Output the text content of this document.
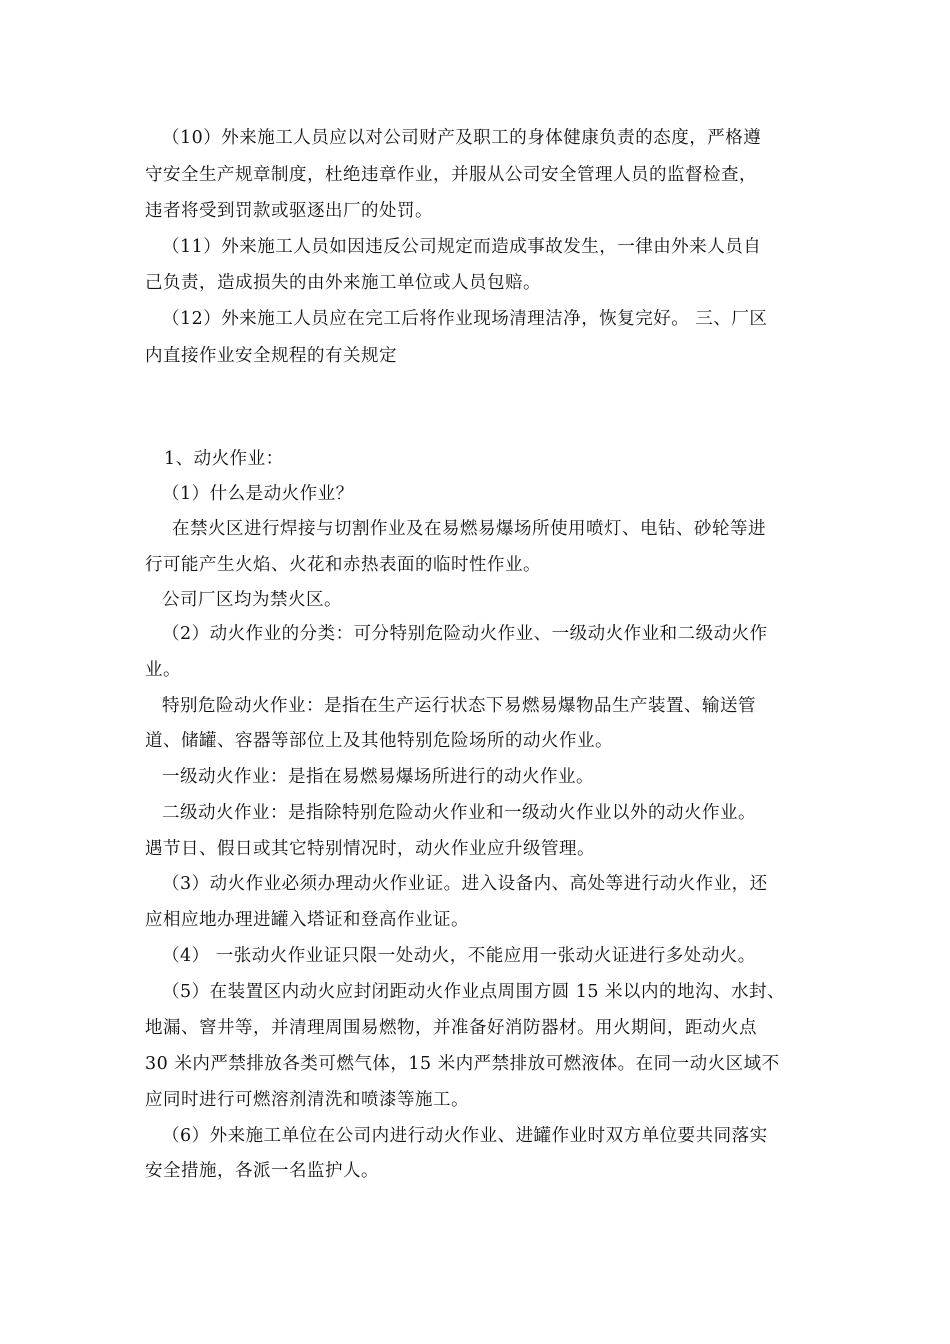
（10）外来施工人员应以对公司财产及职工的身体健康负责的态度，严格遵
守安全生产规章制度，杜绝违章作业，并服从公司安全管理人员的监督检查，
违者将受到罚款或驱逐出厂的处罚。
（11）外来施工人员如因违反公司规定而造成事故发生，一律由外来人员自
己负责，造成损失的由外来施工单位或人员包赔。
（12）外来施工人员应在完工后将作业现场清理洁净，恢复完好。 三、厂区
内直接作业安全规程的有关规定
1、动火作业：
（1）什么是动火作业？
在禁火区进行焊接与切割作业及在易燃易爆场所使用喷灯、电钻、砂轮等进
行可能产生火焰、火花和赤热表面的临时性作业。
公司厂区均为禁火区。
（2）动火作业的分类：可分特别危险动火作业、一级动火作业和二级动火作
业。
特别危险动火作业：是指在生产运行状态下易燃易爆物品生产装置、输送管
道、储罐、容器等部位上及其他特别危险场所的动火作业。
一级动火作业：是指在易燃易爆场所进行的动火作业。
二级动火作业：是指除特别危险动火作业和一级动火作业以外的动火作业。
遇节日、假日或其它特别情况时，动火作业应升级管理。
（3）动火作业必须办理动火作业证。进入设备内、高处等进行动火作业，还
应相应地办理进罐入塔证和登高作业证。
（4） 一张动火作业证只限一处动火，不能应用一张动火证进行多处动火。
（5）在装置区内动火应封闭距动火作业点周围方圆 15 米以内的地沟、水封、
地漏、窨井等，并清理周围易燃物，并准备好消防器材。用火期间，距动火点
30 米内严禁排放各类可燃气体，15 米内严禁排放可燃液体。在同一动火区域不
应同时进行可燃溶剂清洗和喷漆等施工。
（6）外来施工单位在公司内进行动火作业、进罐作业时双方单位要共同落实
安全措施，各派一名监护人。
